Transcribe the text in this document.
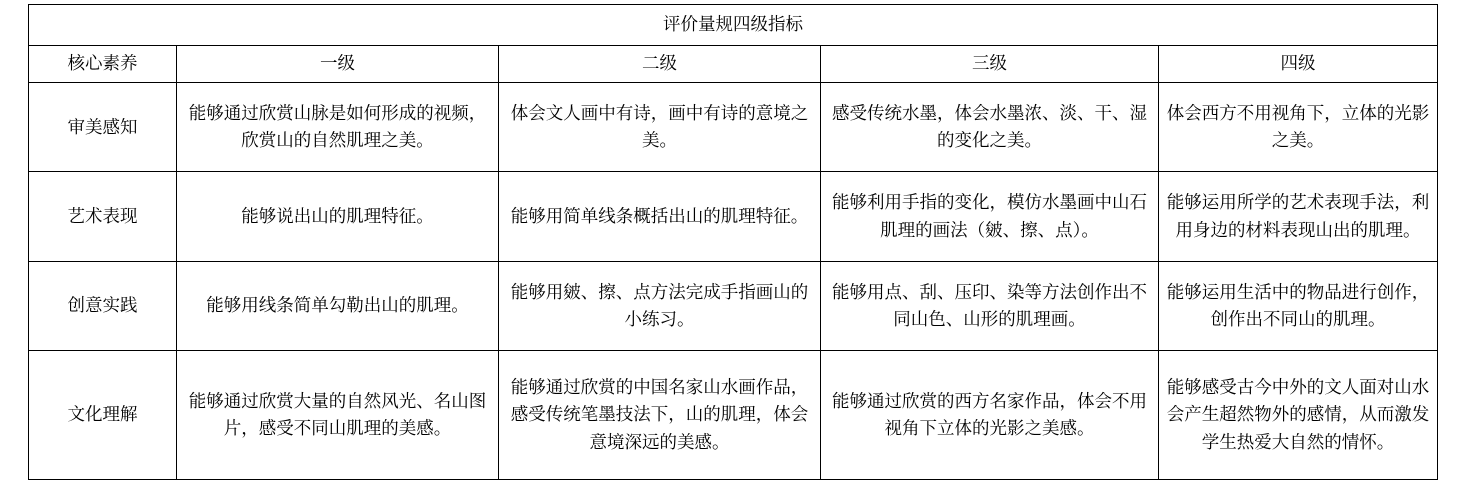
评价量规四级指标				
核心素养	一级	二级	三级	四级
审美感知	能够通过欣赏山脉是如何形成的视频，欣赏山的自然肌理之美。	体会文人画中有诗，画中有诗的意境之美。	感受传统水墨，体会水墨浓、淡、干、湿的变化之美。	体会西方不用视角下，立体的光影之美。
艺术表现	能够说出山的肌理特征。	能够用简单线条概括出山的肌理特征。	能够利用手指的变化，模仿水墨画中山石肌理的画法（皴、擦、点）。	能够运用所学的艺术表现手法，利用身边的材料表现山出的肌理。
创意实践	能够用线条简单勾勒出山的肌理。	能够用皴、擦、点方法完成手指画山的小练习。	能够用点、刮、压印、染等方法创作出不同山色、山形的肌理画。	能够运用生活中的物品进行创作，创作出不同山的肌理。
文化理解	能够通过欣赏大量的自然风光、名山图片，感受不同山肌理的美感。	能够通过欣赏的中国名家山水画作品，感受传统笔墨技法下，山的肌理，体会意境深远的美感。	能够通过欣赏的西方名家作品，体会不用视角下立体的光影之美感。	能够感受古今中外的文人面对山水会产生超然物外的感情，从而激发学生热爱大自然的情怀。
